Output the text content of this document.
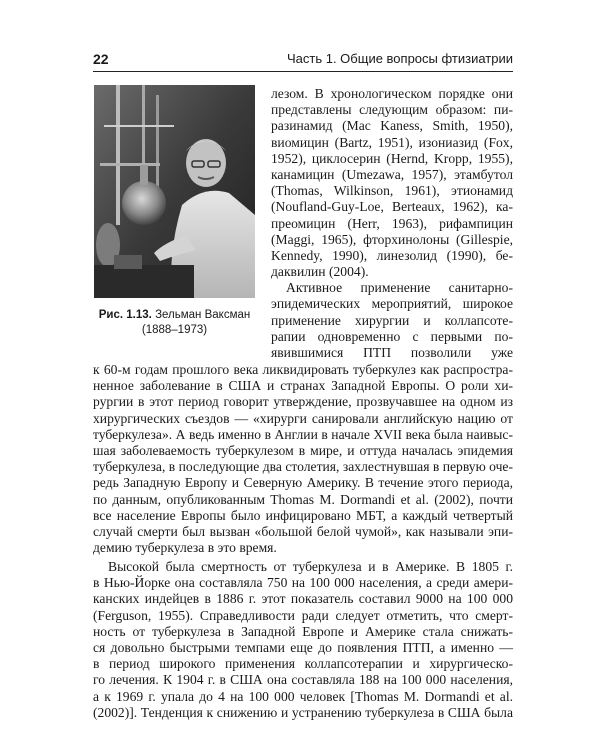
22	Часть 1. Общие вопросы фтизиатрии
Рис. 1.13. Зельман Ваксман
(1888–1973)
лезом. В хронологическом порядке они
представлены следующим образом: пи-
разинамид (Mac Kaness, Smith, 1950),
виомицин (Bartz, 1951), изониазид (Fox,
1952), циклосерин (Hernd, Kropp, 1955),
канамицин (Umezawa, 1957), этамбутол
(Thomas, Wilkinson, 1961), этионамид
(Noufland-Guy-Loe, Berteaux, 1962), ка-
преомицин (Herr, 1963), рифампицин
(Maggi, 1965), фторхинолоны (Gillespie,
Kennedy, 1990), линезолид (1990), бе-
даквилин (2004).
Активное применение санитарно-
эпидемических мероприятий, широкое
применение хирургии и коллапсоте-
рапии одновременно с первыми по-
явившимися ПТП позволили уже
к 60-м годам прошлого века ликвидировать туберкулез как распростра-
ненное заболевание в США и странах Западной Европы. О роли хи-
рургии в этот период говорит утверждение, прозвучавшее на одном из
хирургических съездов — «хирурги санировали английскую нацию от
туберкулеза». А ведь именно в Англии в начале XVII века была наивыс-
шая заболеваемость туберкулезом в мире, и оттуда началась эпидемия
туберкулеза, в последующие два столетия, захлестнувшая в первую оче-
редь Западную Европу и Северную Америку. В течение этого периода,
по данным, опубликованным Thomas M. Dormandi et al. (2002), почти
все население Европы было инфицировано МБТ, а каждый четвертый
случай смерти был вызван «большой белой чумой», как называли эпи-
демию туберкулеза в это время.
Высокой была смертность от туберкулеза и в Америке. В 1805 г.
в Нью-Йорке она составляла 750 на 100 000 населения, а среди амери-
канских индейцев в 1886 г. этот показатель составил 9000 на 100 000
(Ferguson, 1955). Справедливости ради следует отметить, что смерт-
ность от туберкулеза в Западной Европе и Америке стала снижать-
ся довольно быстрыми темпами еще до появления ПТП, а именно —
в период широкого применения коллапсотерапии и хирургическо-
го лечения. К 1904 г. в США она составляла 188 на 100 000 населения,
а к 1969 г. упала до 4 на 100 000 человек [Thomas M. Dormandi et al.
(2002)]. Тенденция к снижению и устранению туберкулеза в США была
